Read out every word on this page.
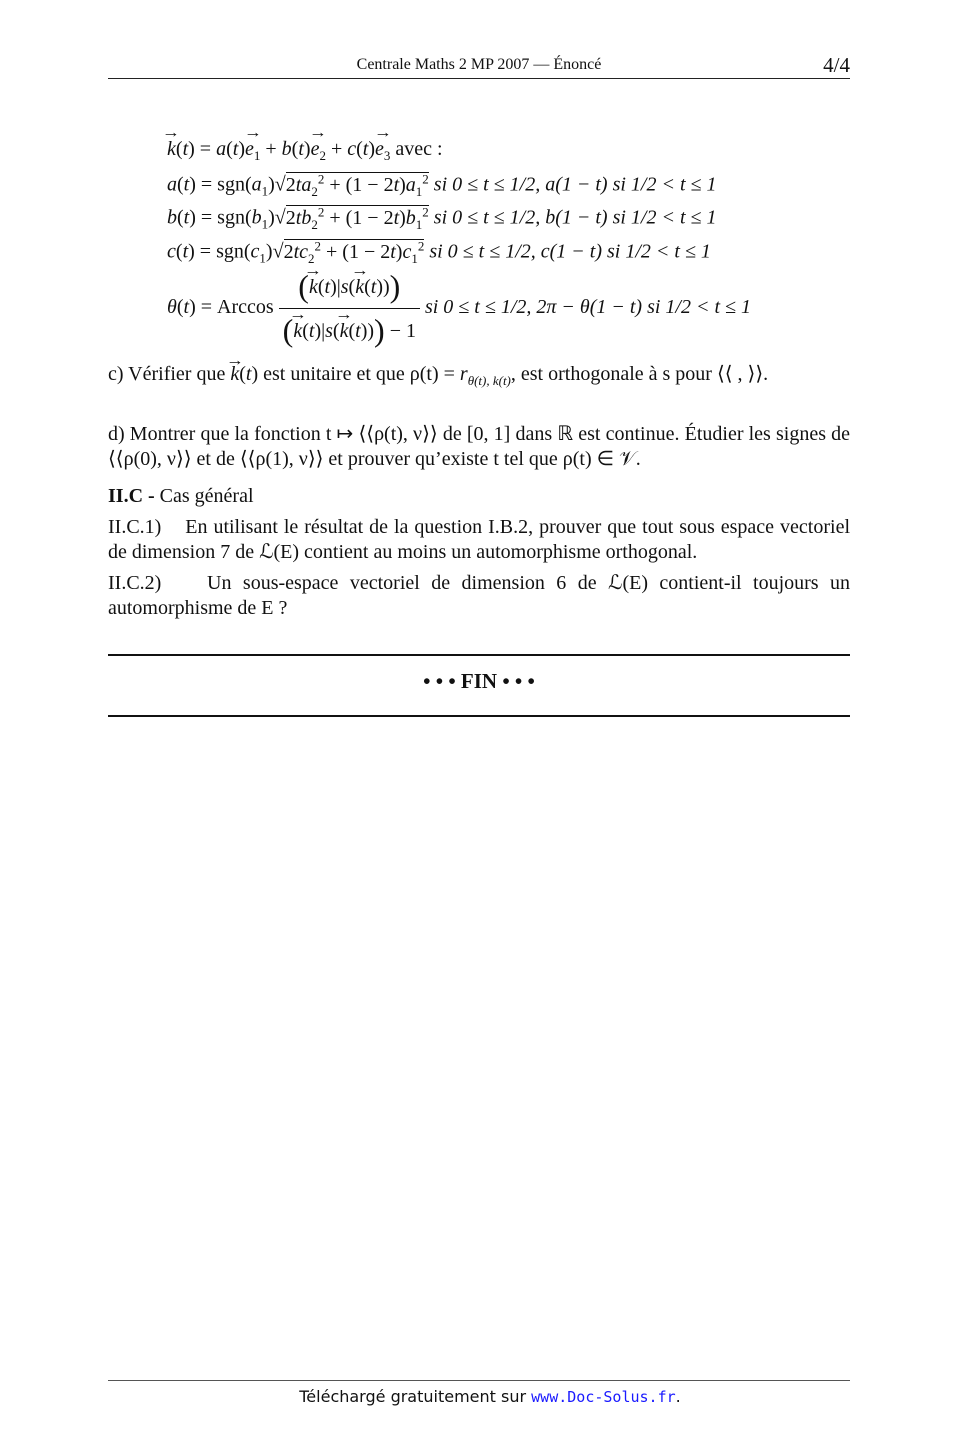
Centrale Maths 2 MP 2007 — Énoncé	4/4
→ $k(t) = a(t)\to e_1 + b(t)\to e_2 + c(t)\to e_3$ avec :
$a(t) = sgn(a_1)√2ta_2^2 + (1 - 2t)a_1^2$ si 0 ≤ t ≤ 1/2, a(1 − t) si 1/2 < t ≤ 1
$b(t) = sgn(b_1)√2tb_2^2 + (1 - 2t)b_1^2$ si 0 ≤ t ≤ 1/2, b(1 − t) si 1/2 < t ≤ 1
$c(t) = sgn(c_1)√2tc_2^2 + (1 - 2t)c_1^2$ si 0 ≤ t ≤ 1/2, c(1 − t) si 1/2 < t ≤ 1
θ(t) = Arccos $\frac{(\to k(t)|s(\to k(t)))}{(\to k(t)|s(\to k(t))) - 1}$ si 0 ≤ t ≤ 1/2, 2π − θ(1 − t) si 1/2 < t ≤ 1
c) Vérifier que → k(t) est unitaire et que $\rho(t) = r_{\theta(t), k(t)}$, est orthogonale à s pour ⟨⟨ , ⟩⟩.
d) Montrer que la fonction t ↦ ⟨⟨ρ(t), ν⟩⟩ de [0, 1] dans ℝ est continue. Étudier les signes de ⟨⟨ρ(0), ν⟩⟩ et de ⟨⟨ρ(1), ν⟩⟩ et prouver qu’existe t tel que ρ(t) ∈ 𝒱.
II.C - Cas général
II.C.1) En utilisant le résultat de la question I.B.2, prouver que tout sous espace vectoriel de dimension 7 de ℒ(E) contient au moins un automorphisme orthogonal.
II.C.2) Un sous-espace vectoriel de dimension 6 de ℒ(E) contient-il toujours un automorphisme de E ?
• • • FIN • • •
Téléchargé gratuitement sur www.Doc-Solus.fr.
